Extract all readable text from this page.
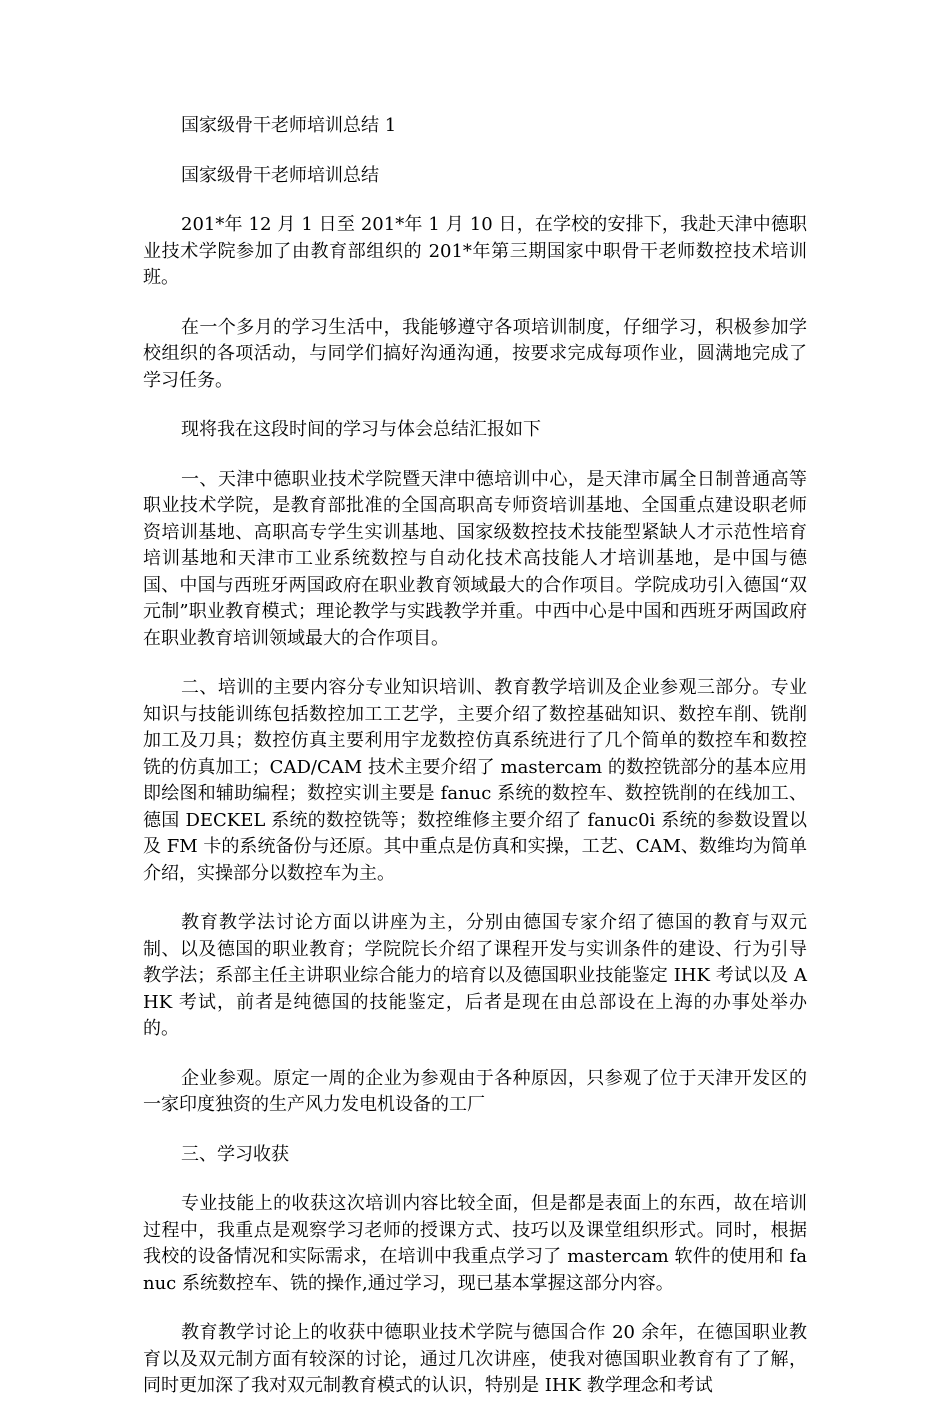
国家级骨干老师培训总结 1

国家级骨干老师培训总结

201*年 12 月 1 日至 201*年 1 月 10 日，在学校的安排下，我赴天津中德职业技术学院参加了由教育部组织的 201*年第三期国家中职骨干老师数控技术培训班。

在一个多月的学习生活中，我能够遵守各项培训制度，仔细学习，积极参加学校组织的各项活动，与同学们搞好沟通沟通，按要求完成每项作业，圆满地完成了学习任务。

现将我在这段时间的学习与体会总结汇报如下

一、天津中德职业技术学院暨天津中德培训中心，是天津市属全日制普通高等职业技术学院，是教育部批准的全国高职高专师资培训基地、全国重点建设职老师资培训基地、高职高专学生实训基地、国家级数控技术技能型紧缺人才示范性培育培训基地和天津市工业系统数控与自动化技术高技能人才培训基地，是中国与德国、中国与西班牙两国政府在职业教育领域最大的合作项目。学院成功引入德国“双元制”职业教育模式；理论教学与实践教学并重。中西中心是中国和西班牙两国政府在职业教育培训领域最大的合作项目。

二、培训的主要内容分专业知识培训、教育教学培训及企业参观三部分。专业知识与技能训练包括数控加工工艺学，主要介绍了数控基础知识、数控车削、铣削加工及刀具；数控仿真主要利用宇龙数控仿真系统进行了几个简单的数控车和数控铣的仿真加工；CAD/CAM 技术主要介绍了 mastercam 的数控铣部分的基本应用即绘图和辅助编程；数控实训主要是 fanuc 系统的数控车、数控铣削的在线加工、德国 DECKEL 系统的数控铣等；数控维修主要介绍了 fanuc0i 系统的参数设置以及 FM 卡的系统备份与还原。其中重点是仿真和实操，工艺、CAM、数维均为简单介绍，实操部分以数控车为主。

教育教学法讨论方面以讲座为主，分别由德国专家介绍了德国的教育与双元制、以及德国的职业教育；学院院长介绍了课程开发与实训条件的建设、行为引导教学法；系部主任主讲职业综合能力的培育以及德国职业技能鉴定 IHK 考试以及 AHK 考试，前者是纯德国的技能鉴定，后者是现在由总部设在上海的办事处举办的。

企业参观。原定一周的企业为参观由于各种原因，只参观了位于天津开发区的一家印度独资的生产风力发电机设备的工厂

三、学习收获

专业技能上的收获这次培训内容比较全面，但是都是表面上的东西，故在培训过程中，我重点是观察学习老师的授课方式、技巧以及课堂组织形式。同时，根据我校的设备情况和实际需求，在培训中我重点学习了 mastercam 软件的使用和 fanuc 系统数控车、铣的操作,通过学习，现已基本掌握这部分内容。

教育教学讨论上的收获中德职业技术学院与德国合作 20 余年，在德国职业教育以及双元制方面有较深的讨论，通过几次讲座，使我对德国职业教育有了了解，同时更加深了我对双元制教育模式的认识，特别是 IHK 教学理念和考试
